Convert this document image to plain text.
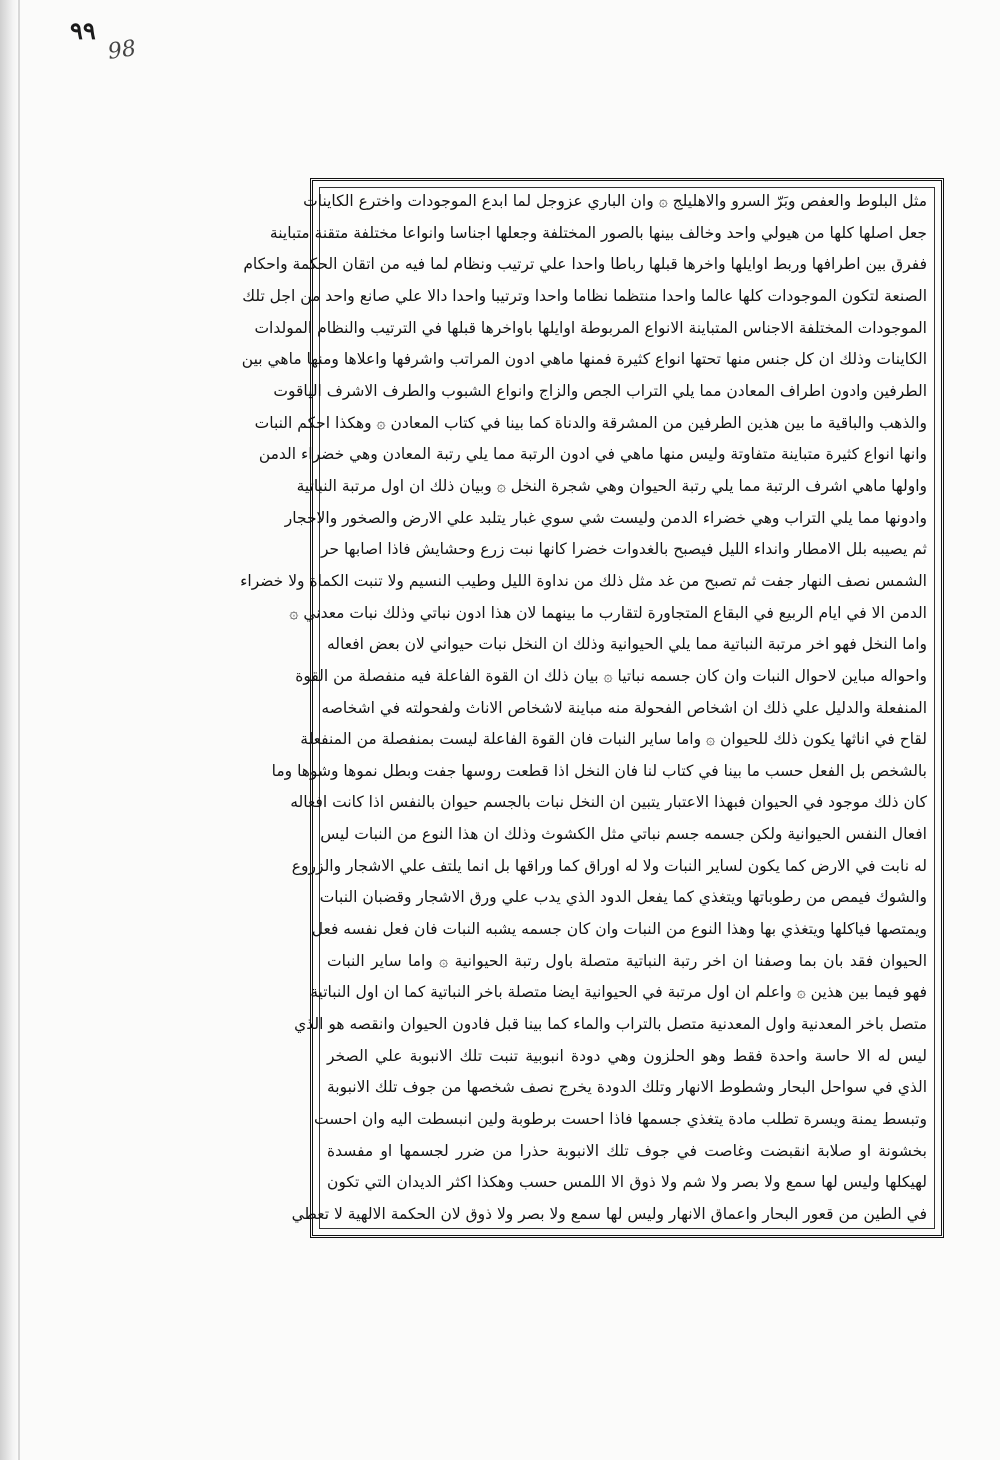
٩٩
98
مثل البلوط والعفص وبَرّ السرو والاهليلج ۞ وان الباري عزوجل لما ابدع الموجودات واخترع الكاينات
جعل اصلها كلها من هيولي واحد وخالف بينها بالصور المختلفة وجعلها اجناسا وانواعا مختلفة متقنة متباينة
ففرق بين اطرافها وربط اوايلها واخرها قبلها رباطا واحدا علي ترتيب ونظام لما فيه من اتقان الحكمة واحكام
الصنعة لتكون الموجودات كلها عالما واحدا منتظما نظاما واحدا وترتيبا واحدا دالا علي صانع واحد من اجل تلك
الموجودات المختلفة الاجناس المتباينة الانواع المربوطة اوايلها باواخرها قبلها في الترتيب والنظام المولدات
الكاينات وذلك ان كل جنس منها تحتها انواع كثيرة فمنها ماهي ادون المراتب واشرفها واعلاها ومنها ماهي بين
الطرفين وادون اطراف المعادن مما يلي التراب الجص والزاج وانواع الشبوب والطرف الاشرف الياقوت
والذهب والباقية ما بين هذين الطرفين من المشرقة والدناة كما بينا في كتاب المعادن ۞ وهكذا احكم النبات
وانها انواع كثيرة متباينة متفاوتة وليس منها ماهي في ادون الرتبة مما يلي رتبة المعادن وهي خضراء الدمن
واولها ماهي اشرف الرتبة مما يلي رتبة الحيوان وهي شجرة النخل ۞ وبيان ذلك ان اول مرتبة النباتية
وادونها مما يلي التراب وهي خضراء الدمن وليست شي سوي غبار يتلبد علي الارض والصخور والاحجار
ثم يصيبه بلل الامطار وانداء الليل فيصبح بالغدوات خضرا كانها نبت زرع وحشايش فاذا اصابها حر
الشمس نصف النهار جفت ثم تصبح من غد مثل ذلك من نداوة الليل وطيب النسيم ولا تنبت الكماة ولا خضراء
الدمن الا في ايام الربيع في البقاع المتجاورة لتقارب ما بينهما لان هذا ادون نباتي وذلك نبات معدني ۞
واما النخل فهو اخر مرتبة النباتية مما يلي الحيوانية وذلك ان النخل نبات حيواني لان بعض افعاله
واحواله مباين لاحوال النبات وان كان جسمه نباتيا ۞ بيان ذلك ان القوة الفاعلة فيه منفصلة من القوة
المنفعلة والدليل علي ذلك ان اشخاص الفحولة منه مباينة لاشخاص الاناث ولفحولته في اشخاصه
لقاح في اناثها يكون ذلك للحيوان ۞ واما ساير النبات فان القوة الفاعلة ليست بمنفصلة من المنفعلة
بالشخص بل الفعل حسب ما بينا في كتاب لنا فان النخل اذا قطعت روسها جفت وبطل نموها وشوها وما
كان ذلك موجود في الحيوان فبهذا الاعتبار يتبين ان النخل نبات بالجسم حيوان بالنفس اذا كانت افعاله
افعال النفس الحيوانية ولكن جسمه جسم نباتي مثل الكشوث وذلك ان هذا النوع من النبات ليس
له نابت في الارض كما يكون لساير النبات ولا له اوراق كما وراقها بل انما يلتف علي الاشجار والزروع
والشوك فيمص من رطوباتها ويتغذي كما يفعل الدود الذي يدب علي ورق الاشجار وقضبان النبات
ويمتصها فياكلها ويتغذي بها وهذا النوع من النبات وان كان جسمه يشبه النبات فان فعل نفسه فعل
الحيوان فقد بان بما وصفنا ان اخر رتبة النباتية متصلة باول رتبة الحيوانية ۞ واما ساير النبات
فهو فيما بين هذين ۞ واعلم ان اول مرتبة في الحيوانية ايضا متصلة باخر النباتية كما ان اول النباتية
متصل باخر المعدنية واول المعدنية متصل بالتراب والماء كما بينا قبل فادون الحيوان وانقصه هو الذي
ليس له الا حاسة واحدة فقط وهو الحلزون وهي دودة انبوبية تنبت تلك الانبوبة علي الصخر
الذي في سواحل البحار وشطوط الانهار وتلك الدودة يخرج نصف شخصها من جوف تلك الانبوبة
وتبسط يمنة ويسرة تطلب مادة يتغذي جسمها فاذا احست برطوبة ولين انبسطت اليه وان احست
بخشونة او صلابة انقبضت وغاصت في جوف تلك الانبوبة حذرا من ضرر لجسمها او مفسدة
لهيكلها وليس لها سمع ولا بصر ولا شم ولا ذوق الا اللمس حسب وهكذا اكثر الديدان التي تكون
في الطين من قعور البحار واعماق الانهار وليس لها سمع ولا بصر ولا ذوق لان الحكمة الالهية لا تعطي
